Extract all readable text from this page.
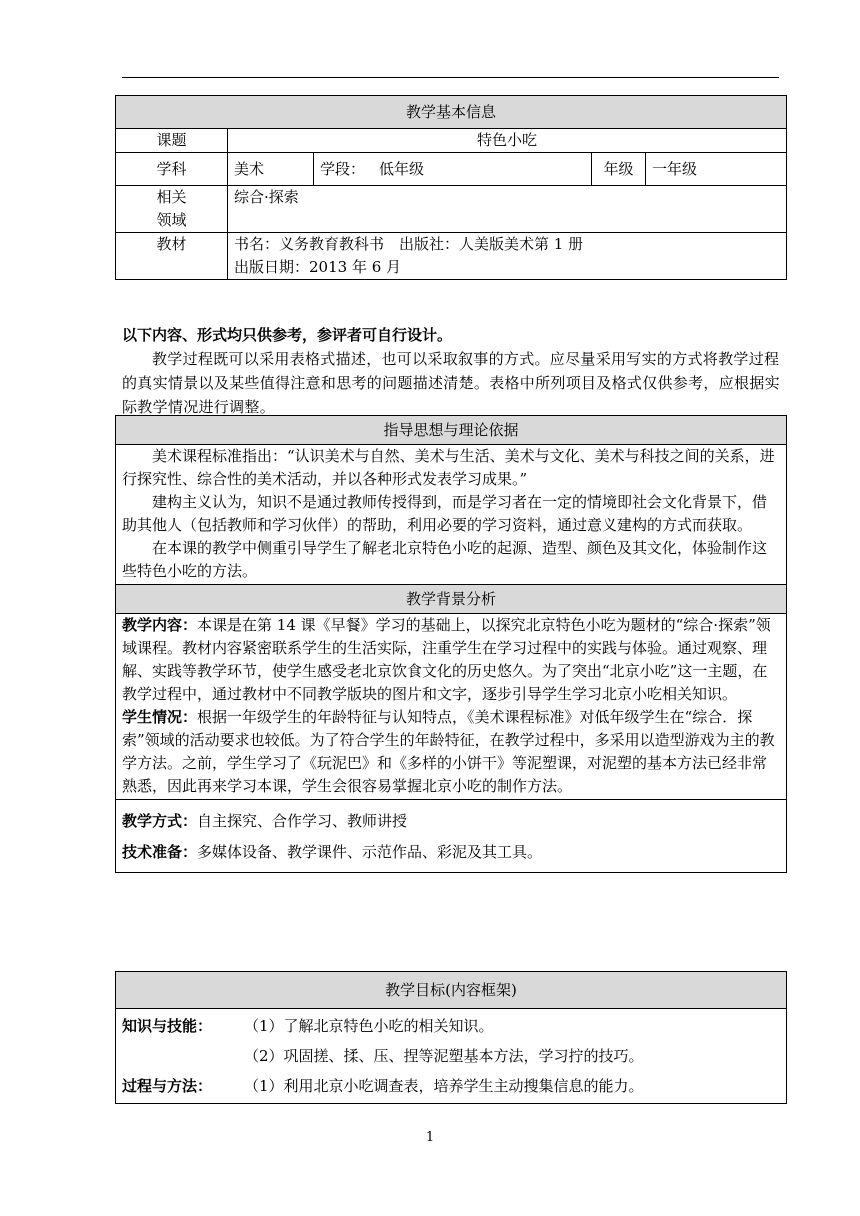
教学基本信息				
课题	特色小吃			
学科	美术	学段： 低年级	年级	一年级

相关
领域	综合·探索			
教材	书名：义务教育教科书　出版社：人美版美术第 1 册
出版日期：2013 年 6 月			
以下内容、形式均只供参考，参评者可自行设计。
教学过程既可以采用表格式描述，也可以采取叙事的方式。应尽量采用写实的方式将教学过程的真实情景以及某些值得注意和思考的问题描述清楚。表格中所列项目及格式仅供参考，应根据实际教学情况进行调整。
指导思想与理论依据

美术课程标准指出：“认识美术与自然、美术与生活、美术与文化、美术与科技之间的关系，进行探究性、综合性的美术活动，并以各种形式发表学习成果。”
建构主义认为，知识不是通过教师传授得到，而是学习者在一定的情境即社会文化背景下，借助其他人（包括教师和学习伙伴）的帮助，利用必要的学习资料，通过意义建构的方式而获取。
在本课的教学中侧重引导学生了解老北京特色小吃的起源、造型、颜色及其文化，体验制作这些特色小吃的方法。

教学背景分析

教学内容：本课是在第 14 课《早餐》学习的基础上，以探究北京特色小吃为题材的“综合·探索”领域课程。教材内容紧密联系学生的生活实际，注重学生在学习过程中的实践与体验。通过观察、理解、实践等教学环节，使学生感受老北京饮食文化的历史悠久。为了突出“北京小吃”这一主题，在教学过程中，通过教材中不同教学版块的图片和文字，逐步引导学生学习北京小吃相关知识。
学生情况：根据一年级学生的年龄特征与认知特点，《美术课程标准》对低年级学生在“综合．探索”领域的活动要求也较低。为了符合学生的年龄特征，在教学过程中，多采用以造型游戏为主的教学方法。之前，学生学习了《玩泥巴》和《多样的小饼干》等泥塑课，对泥塑的基本方法已经非常熟悉，因此再来学习本课，学生会很容易掌握北京小吃的制作方法。

教学方式：自主探究、合作学习、教师讲授
技术准备：多媒体设备、教学课件、示范作品、彩泥及其工具。
教学目标(内容框架)

知识与技能：	（1）了解北京特色小吃的相关知识。
（2）巩固搓、揉、压、捏等泥塑基本方法，学习拧的技巧。
过程与方法：	（1）利用北京小吃调查表，培养学生主动搜集信息的能力。
1
